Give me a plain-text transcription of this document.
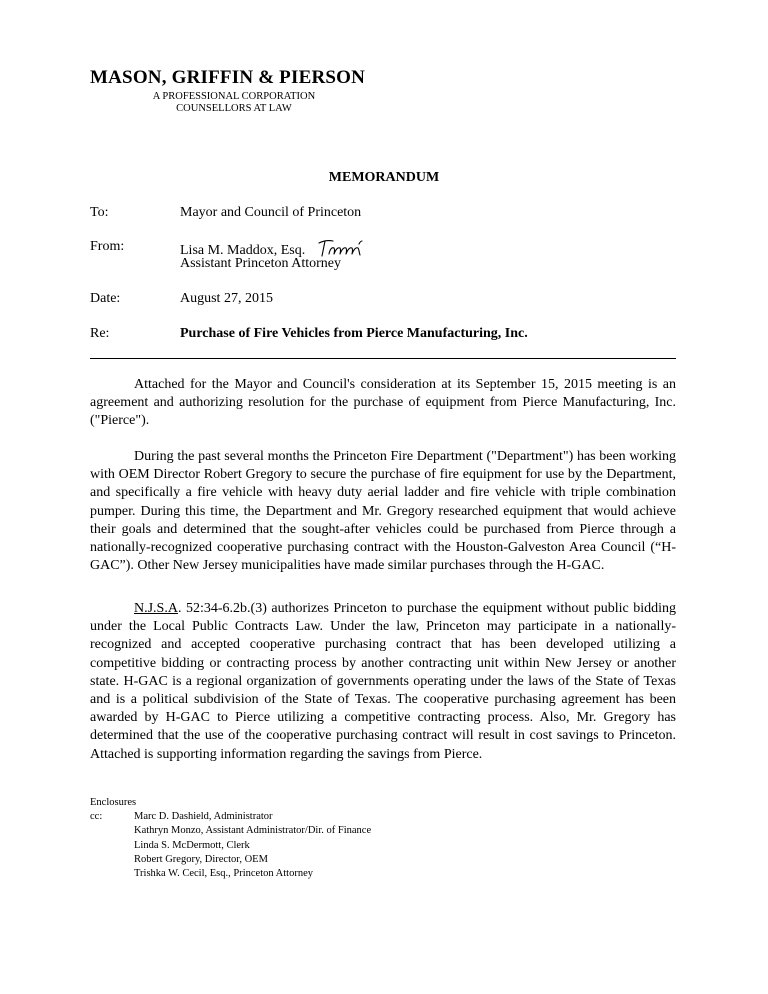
MASON, GRIFFIN & PIERSON
A PROFESSIONAL CORPORATION
COUNSELLORS AT LAW
MEMORANDUM
To:	Mayor and Council of Princeton
From:	Lisa M. Maddox, Esq.
Assistant Princeton Attorney
Date:	August 27, 2015
Re:	Purchase of Fire Vehicles from Pierce Manufacturing, Inc.
Attached for the Mayor and Council's consideration at its September 15, 2015 meeting is an agreement and authorizing resolution for the purchase of equipment from Pierce Manufacturing, Inc. ("Pierce").
During the past several months the Princeton Fire Department ("Department") has been working with OEM Director Robert Gregory to secure the purchase of fire equipment for use by the Department, and specifically a fire vehicle with heavy duty aerial ladder and fire vehicle with triple combination pumper. During this time, the Department and Mr. Gregory researched equipment that would achieve their goals and determined that the sought-after vehicles could be purchased from Pierce through a nationally-recognized cooperative purchasing contract with the Houston-Galveston Area Council (“H-GAC”). Other New Jersey municipalities have made similar purchases through the H-GAC.
N.J.S.A. 52:34-6.2b.(3) authorizes Princeton to purchase the equipment without public bidding under the Local Public Contracts Law. Under the law, Princeton may participate in a nationally-recognized and accepted cooperative purchasing contract that has been developed utilizing a competitive bidding or contracting process by another contracting unit within New Jersey or another state. H-GAC is a regional organization of governments operating under the laws of the State of Texas and is a political subdivision of the State of Texas. The cooperative purchasing agreement has been awarded by H-GAC to Pierce utilizing a competitive contracting process. Also, Mr. Gregory has determined that the use of the cooperative purchasing contract will result in cost savings to Princeton. Attached is supporting information regarding the savings from Pierce.
Enclosures
cc:	Marc D. Dashield, Administrator
Kathryn Monzo, Assistant Administrator/Dir. of Finance
Linda S. McDermott, Clerk
Robert Gregory, Director, OEM
Trishka W. Cecil, Esq., Princeton Attorney
